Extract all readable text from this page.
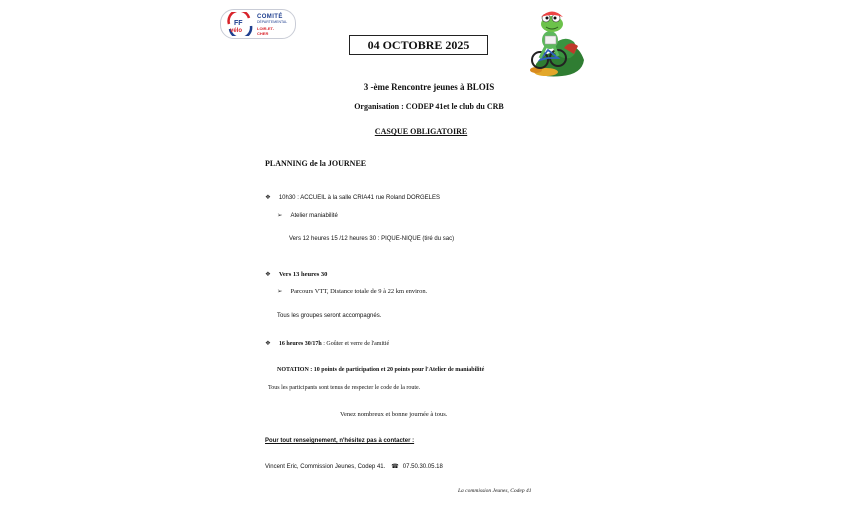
FF
vélo
COMITÉ
DÉPARTEMENTAL
LOIR-ET-
CHER
04 OCTOBRE 2025
3 -ème Rencontre jeunes à BLOIS
Organisation : CODEP 41et le club du CRB
CASQUE OBLIGATOIRE
PLANNING de la JOURNEE
❖ 10h30 : ACCUEIL à la salle CRIA41 rue Roland DORGELES
➢ Atelier maniabilité
Vers 12 heures 15 /12 heures 30 : PIQUE-NIQUE (tiré du sac)
❖ Vers 13 heures 30
➢ Parcours VTT, Distance totale de 9 à 22 km environ.
Tous les groupes seront accompagnés.
❖ 16 heures 30/17h : Goûter et verre de l'amitié
NOTATION : 10 points de participation et 20 points pour l'Atelier de maniabilité
Tous les participants sont tenus de respecter le code de la route.
Venez nombreux et bonne journée à tous.
Pour tout renseignement, n'hésitez pas à contacter :
Vincent Eric, Commission Jeunes, Codep 41. ☎ 07.50.30.05.18
La commission Jeunes, Codep 41
